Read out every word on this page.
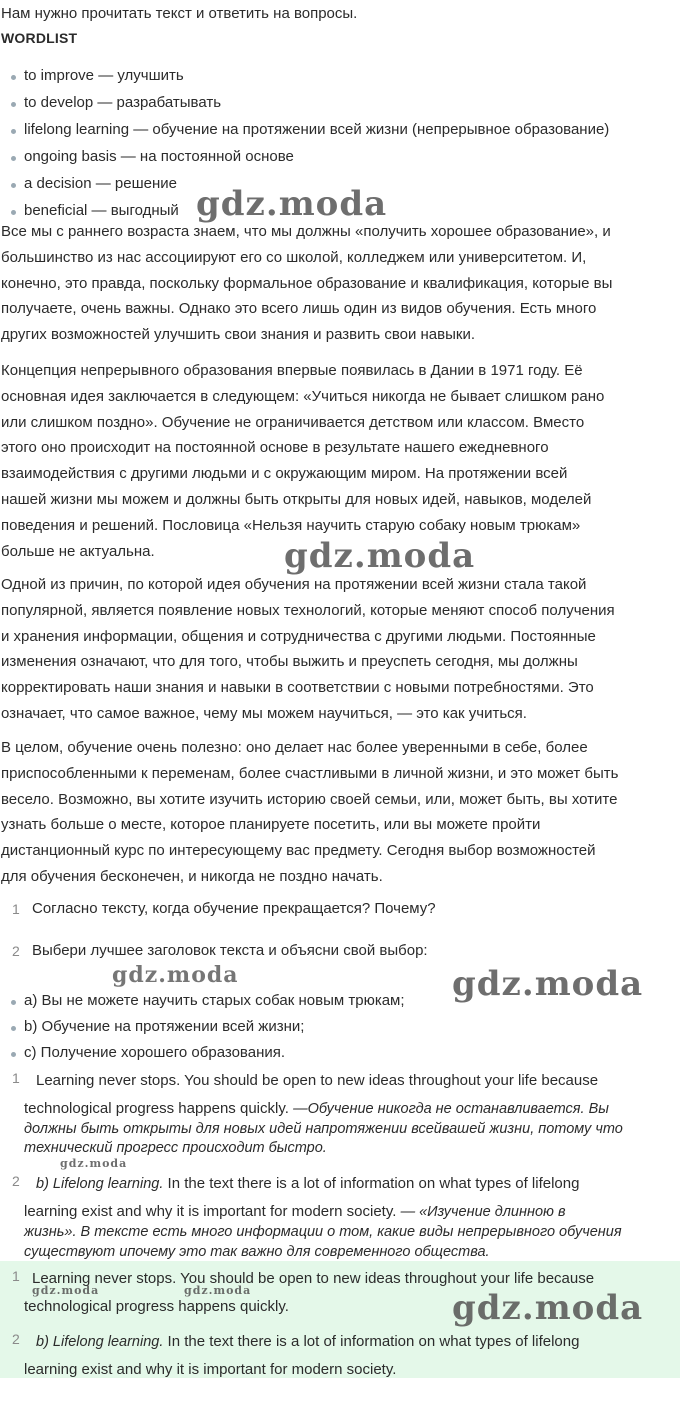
Нам нужно прочитать текст и ответить на вопросы.

WORDLIST
to improve — улучшить
to develop — разрабатывать
lifelong learning — обучение на протяжении всей жизни (непрерывное образование)
ongoing basis — на постоянной основе
a decision — решение
beneficial — выгодный
Все мы с раннего возраста знаем, что мы должны «получить хорошее образование», и
большинство из нас ассоциируют его со школой, колледжем или университетом. И,
конечно, это правда, поскольку формальное образование и квалификация, которые вы
получаете, очень важны. Однако это всего лишь один из видов обучения. Есть много
других возможностей улучшить свои знания и развить свои навыки.
Концепция непрерывного образования впервые появилась в Дании в 1971 году. Её
основная идея заключается в следующем: «Учиться никогда не бывает слишком рано
или слишком поздно». Обучение не ограничивается детством или классом. Вместо
этого оно происходит на постоянной основе в результате нашего ежедневного
взаимодействия с другими людьми и с окружающим миром. На протяжении всей
нашей жизни мы можем и должны быть открыты для новых идей, навыков, моделей
поведения и решений. Пословица «Нельзя научить старую собаку новым трюкам»
больше не актуальна.
Одной из причин, по которой идея обучения на протяжении всей жизни стала такой
популярной, является появление новых технологий, которые меняют способ получения
и хранения информации, общения и сотрудничества с другими людьми. Постоянные
изменения означают, что для того, чтобы выжить и преуспеть сегодня, мы должны
корректировать наши знания и навыки в соответствии с новыми потребностями. Это
означает, что самое важное, чему мы можем научиться, — это как учиться.
В целом, обучение очень полезно: оно делает нас более уверенными в себе, более
приспособленными к переменам, более счастливыми в личной жизни, и это может быть
весело. Возможно, вы хотите изучить историю своей семьи, или, может быть, вы хотите
узнать больше о месте, которое планируете посетить, или вы можете пройти
дистанционный курс по интересующему вас предмету. Сегодня выбор возможностей
для обучения бесконечен, и никогда не поздно начать.
1 Согласно тексту, когда обучение прекращается? Почему?
2 Выбери лучшее заголовок текста и объясни свой выбор:
а) Вы не можете научить старых собак новым трюкам;
b) Обучение на протяжении всей жизни;
c) Получение хорошего образования.
1 Learning never stops. You should be open to new ideas throughout your life because
technological progress happens quickly. —Обучение никогда не останавливается. Вы
должны быть открыты для новых идей напротяжении всейвашей жизни, потому что
технический прогресс происходит быстро.
2 b) Lifelong learning. In the text there is a lot of information on what types of lifelong
learning exist and why it is important for modern society. — «Изучение длинною в
жизнь». В тексте есть много информации о том, какие виды непрерывного обучения
существуют ипочему это так важно для современного общества.
1 Learning never stops. You should be open to new ideas throughout your life because
technological progress happens quickly.
2 b) Lifelong learning. In the text there is a lot of information on what types of lifelong
learning exist and why it is important for modern society.
gdz.moda
gdz.moda
gdz.moda	gdz.moda
gdz.moda
gdz.moda	gdz.moda	gdz.moda
